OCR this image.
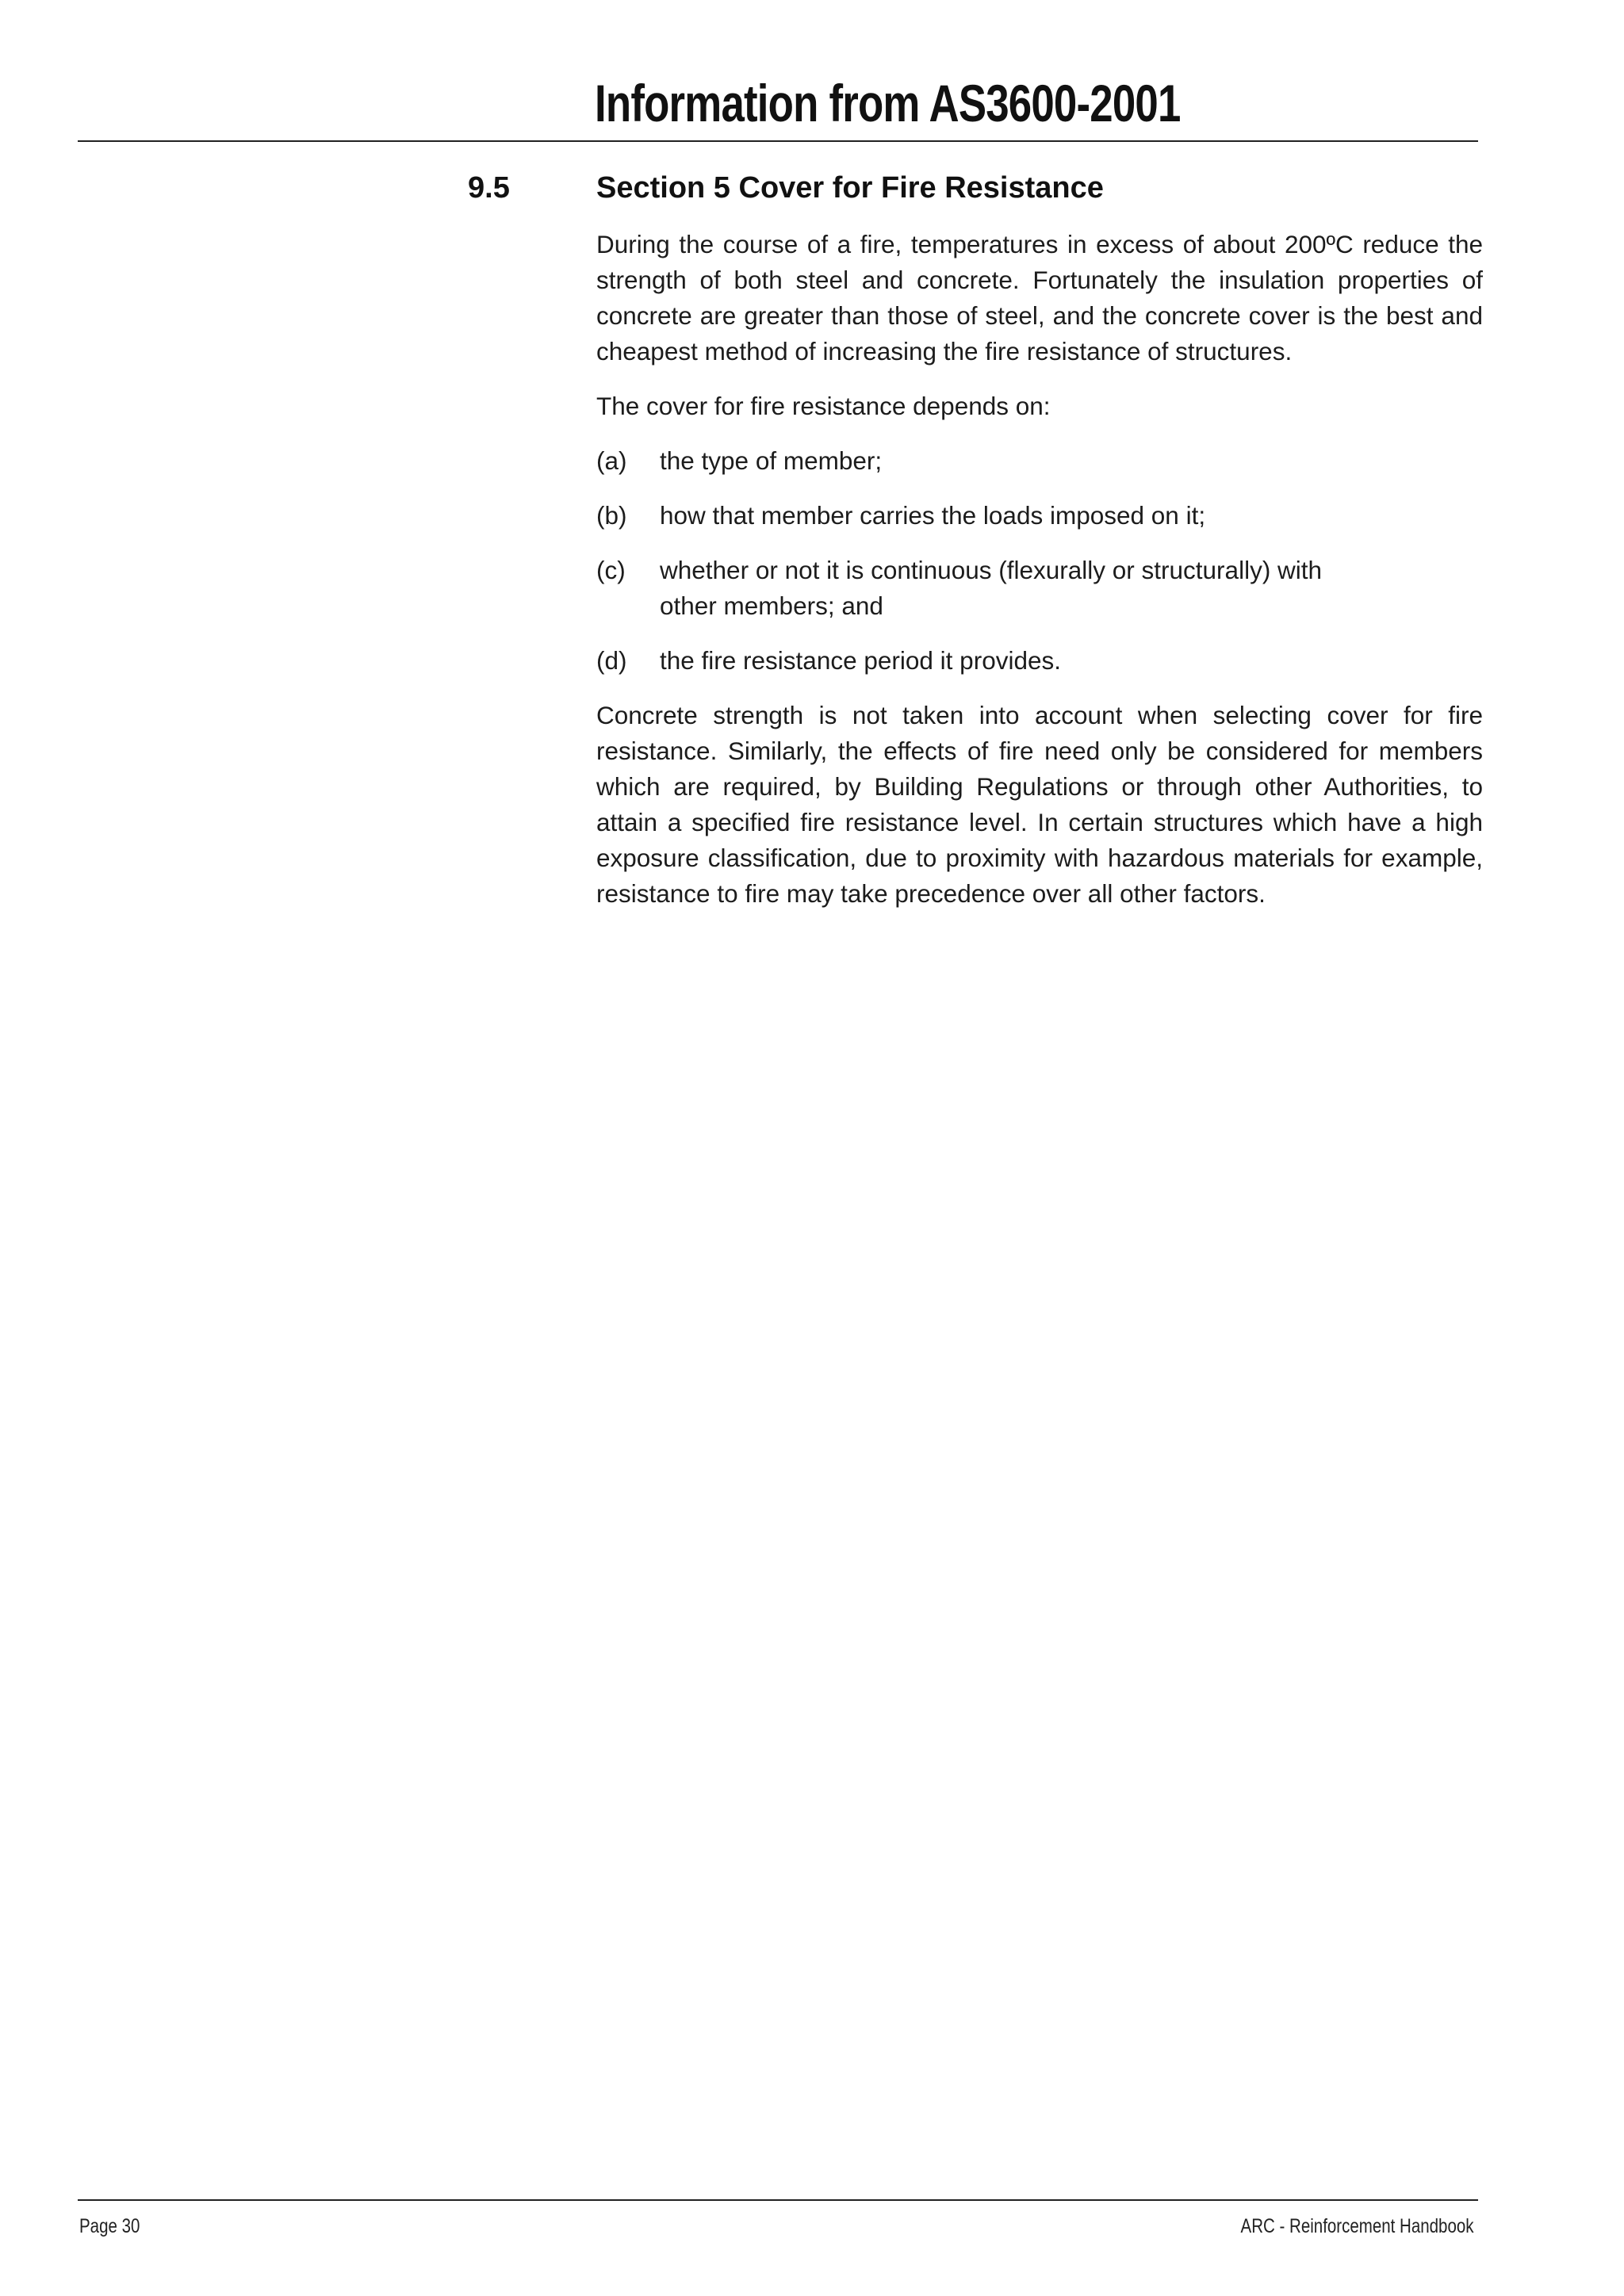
Information from AS3600-2001
9.5	Section 5 Cover for Fire Resistance

During the course of a fire, temperatures in excess of about 200ºC reduce the strength of both steel and concrete. Fortunately the insulation properties of concrete are greater than those of steel, and the concrete cover is the best and cheapest method of increasing the fire resistance of structures.

The cover for fire resistance depends on:

(a)	the type of member;
(b)	how that member carries the loads imposed on it;
(c)	whether or not it is continuous (flexurally or structurally) with other members; and
(d)	the fire resistance period it provides.

Concrete strength is not taken into account when selecting cover for fire resistance. Similarly, the effects of fire need only be considered for members which are required, by Building Regulations or through other Authorities, to attain a specified fire resistance level. In certain structures which have a high exposure classification, due to proximity with hazardous materials for example, resistance to fire may take precedence over all other factors.

Page 30	ARC - Reinforcement Handbook
